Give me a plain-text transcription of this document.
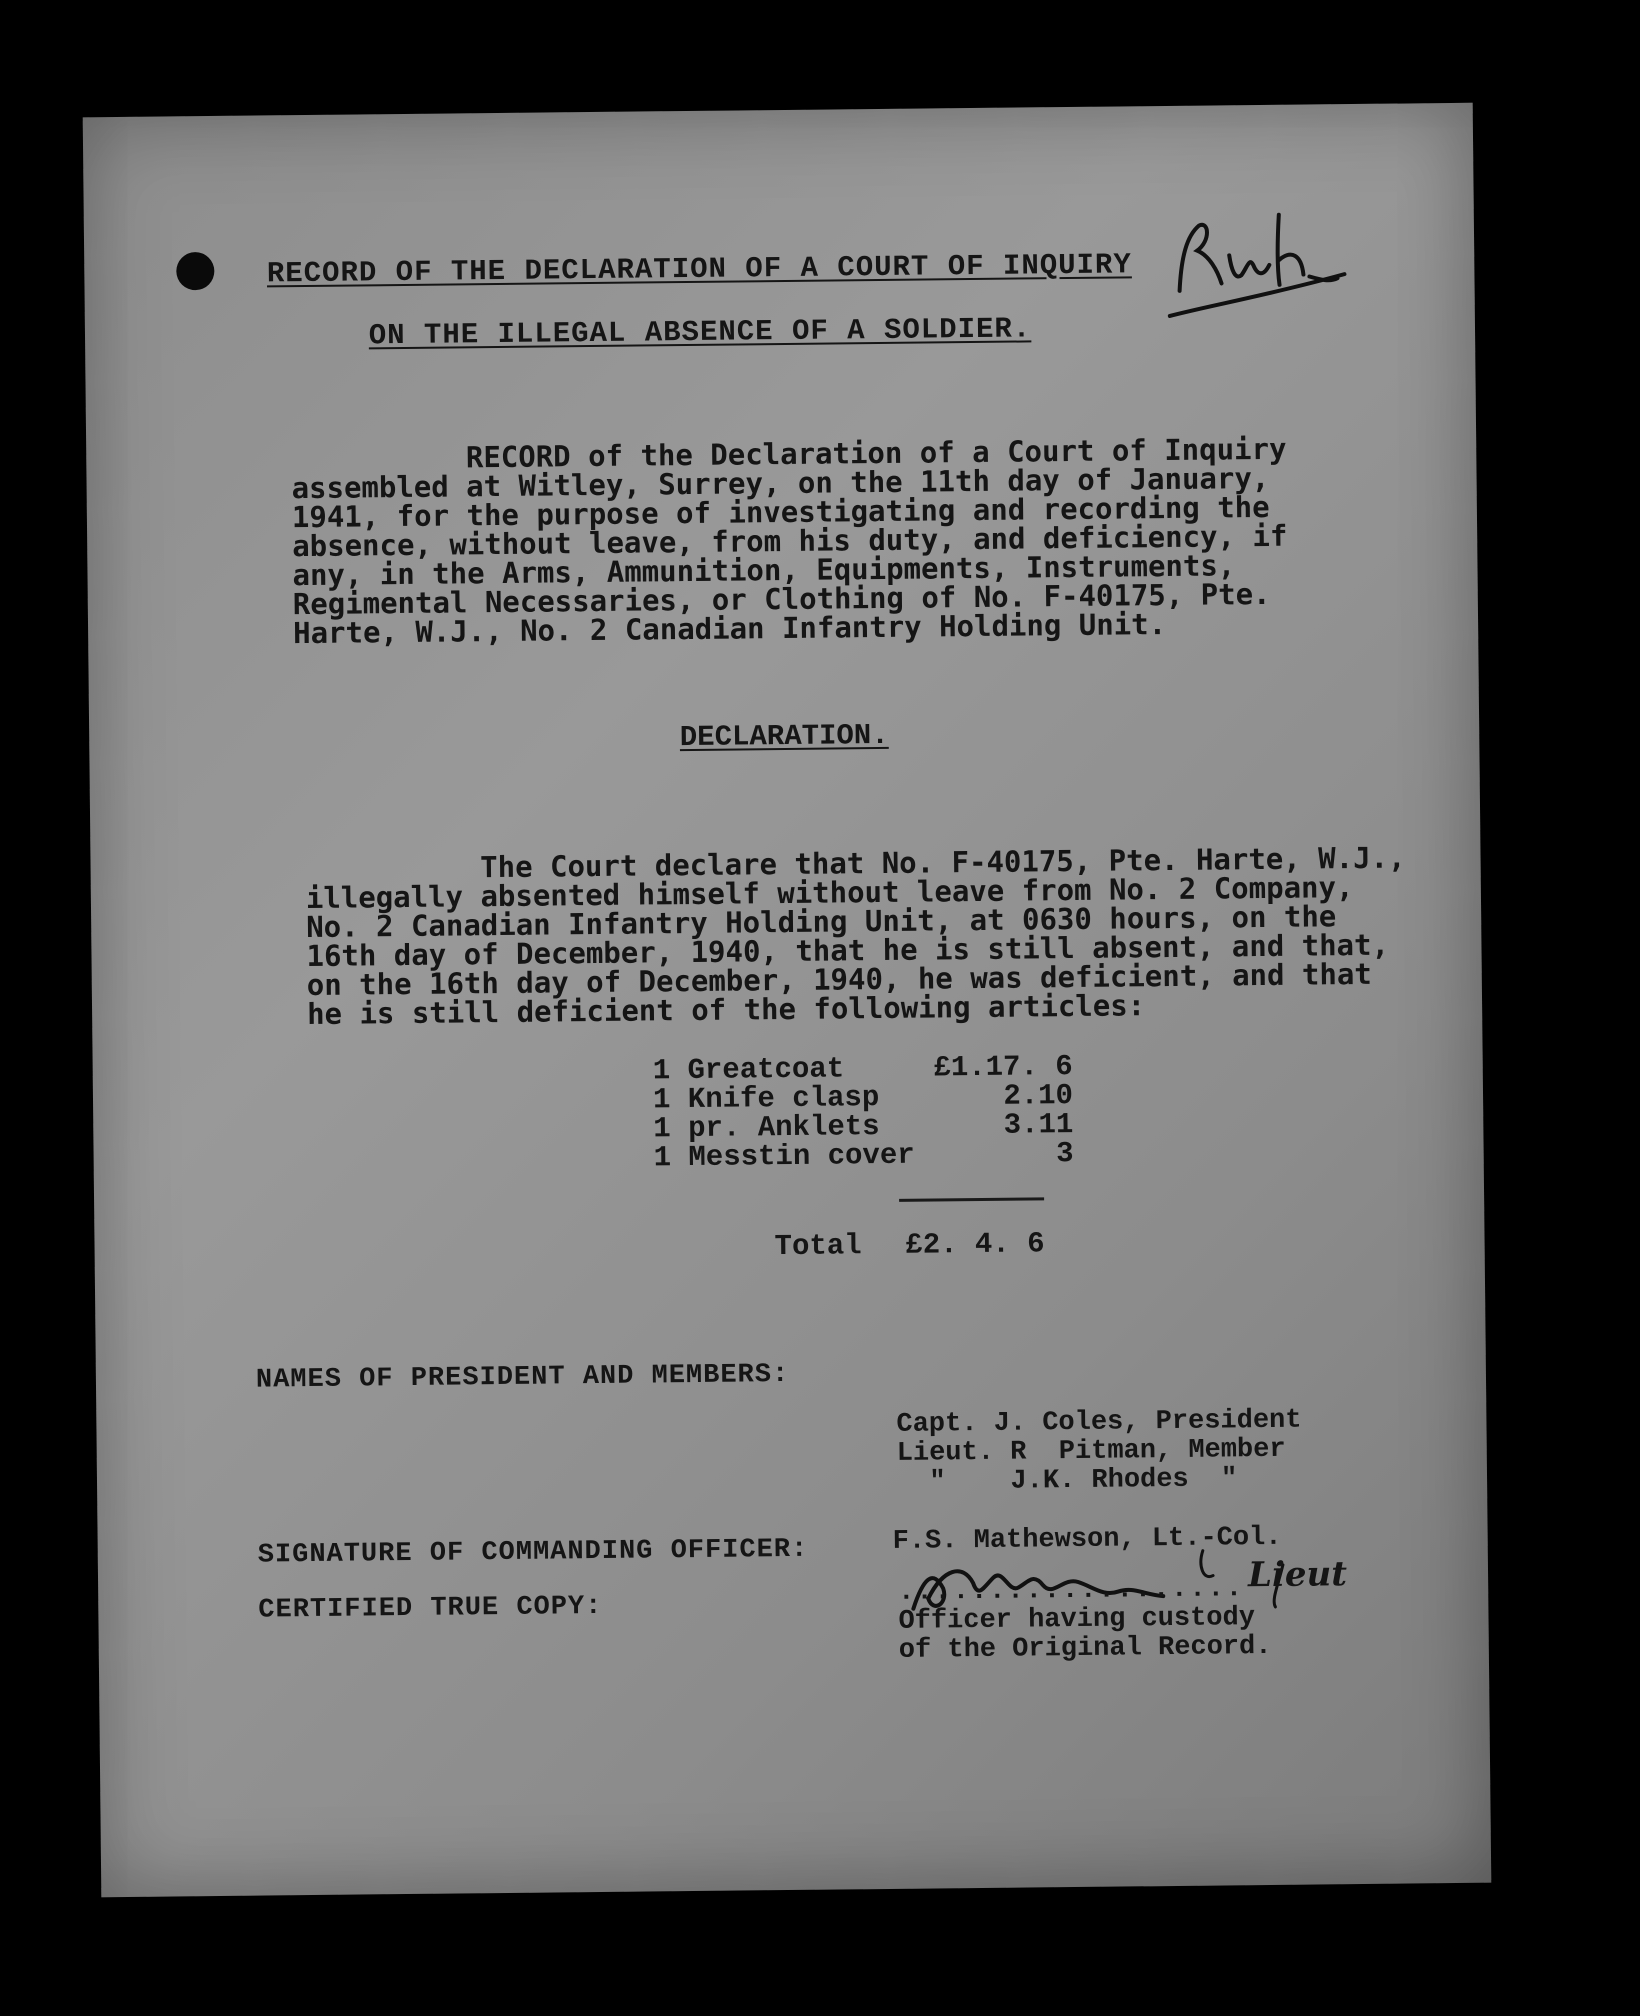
RECORD OF THE DECLARATION OF A COURT OF INQUIRY
ON THE ILLEGAL ABSENCE OF A SOLDIER.
RECORD of the Declaration of a Court of Inquiry
assembled at Witley, Surrey, on the 11th day of January,
1941, for the purpose of investigating and recording the
absence, without leave, from his duty, and deficiency, if
any, in the Arms, Ammunition, Equipments, Instruments,
Regimental Necessaries, or Clothing of No. F-40175, Pte.
Harte, W.J., No. 2 Canadian Infantry Holding Unit.
DECLARATION.
The Court declare that No. F-40175, Pte. Harte, W.J.,
illegally absented himself without leave from No. 2 Company,
No. 2 Canadian Infantry Holding Unit, at 0630 hours, on the
16th day of December, 1940, that he is still absent, and that,
on the 16th day of December, 1940, he was deficient, and that
he is still deficient of the following articles:
1 Greatcoat	£1.17. 6
1 Knife clasp	2.10
1 pr. Anklets	3.11
1 Messtin cover	3
Total £2. 4. 6
NAMES OF PRESIDENT AND MEMBERS:
Capt. J. Coles, President
Lieut. R  Pitman, Member
"    J.K. Rhodes  "
SIGNATURE OF COMMANDING OFFICER:	F.S. Mathewson, Lt.-Col.
CERTIFIED TRUE COPY:
Lieut
...................
Officer having custody
of the Original Record.
